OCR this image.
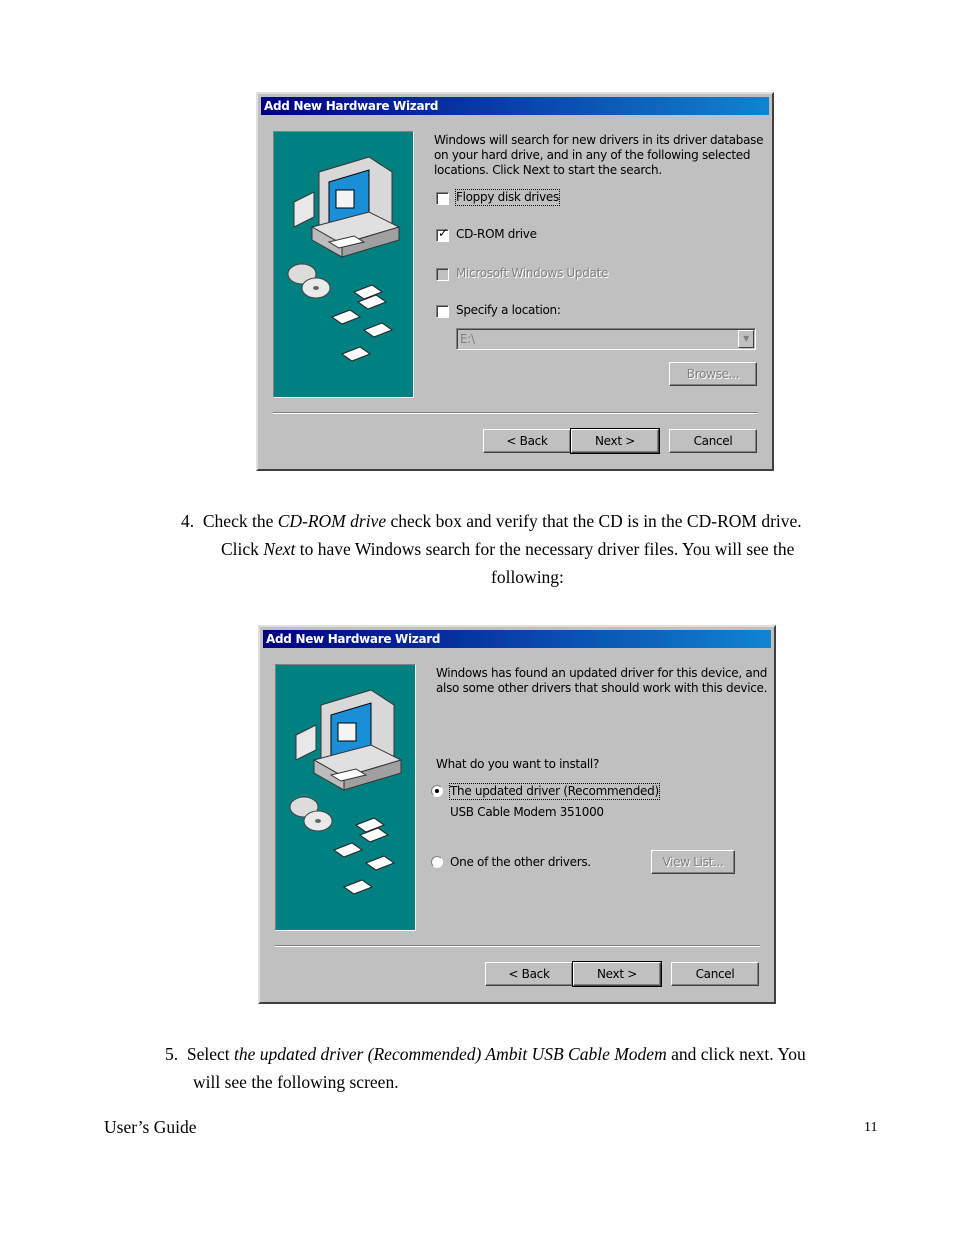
Add New Hardware Wizard
Windows will search for new drivers in its driver database
on your hard drive, and in any of the following selected
locations. Click Next to start the search.
Floppy disk drives
✓ CD-ROM drive
Microsoft Windows Update
Specify a location:
E:\	▼
Browse...
< Back	Next >	Cancel
4. Check the CD-ROM drive check box and verify that the CD is in the CD-ROM drive.
Click Next to have Windows search for the necessary driver files. You will see the
following:
Add New Hardware Wizard
Windows has found an updated driver for this device, and
also some other drivers that should work with this device.
What do you want to install?
The updated driver (Recommended)
USB Cable Modem 351000
One of the other drivers.	View List...
< Back	Next >	Cancel
5. Select the updated driver (Recommended) Ambit USB Cable Modem and click next. You
will see the following screen.
User’s Guide	11
